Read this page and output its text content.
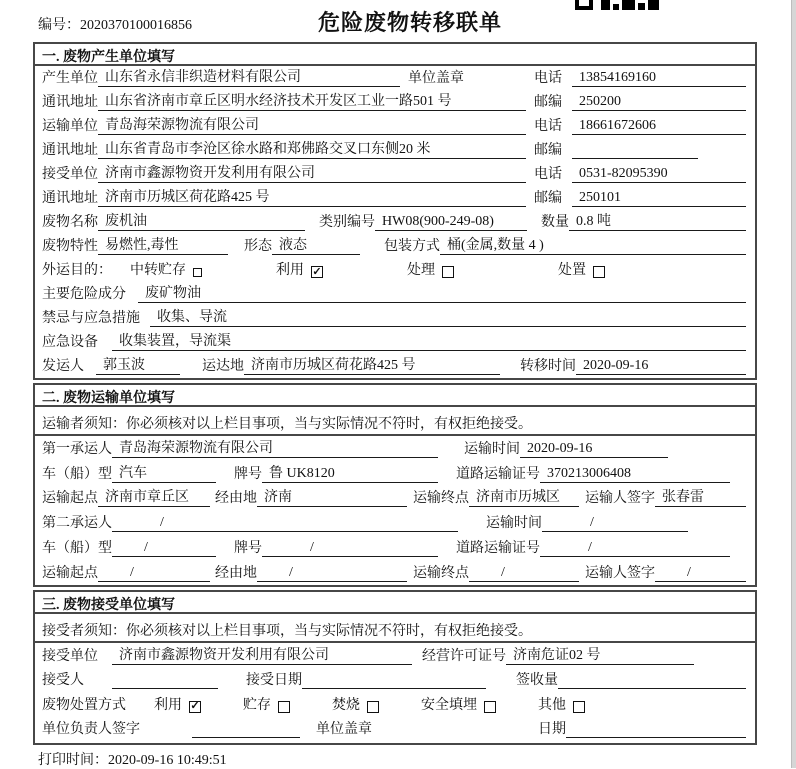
编号：2020370100016856	危险废物转移联单
一. 废物产生单位填写
产生单位 山东省永信非织造材料有限公司	单位盖章	电话	13854169160
通讯地址 山东省济南市章丘区明水经济技术开发区工业一路501 号	邮编	250200
运输单位 青岛海荣源物流有限公司	电话	18661672606
通讯地址 山东省青岛市李沧区徐水路和郑佛路交叉口东侧20 米	邮编
接受单位 济南市鑫源物资开发利用有限公司	电话	0531-82095390
通讯地址 济南市历城区荷花路425 号	邮编	250101
废物名称 废机油	类别编号 HW08(900-249-08)	数量 0.8 吨
废物特性 易燃性,毒性	形态 液态	包装方式 桶(金属,数量 4 )
外运目的： 中转贮存	利用 ✓	处理	处置
主要危险成分	废矿物油
禁忌与应急措施	收集、导流
应急设备	收集装置，导流渠
发运人	郭玉波	运达地 济南市历城区荷花路425 号	转移时间 2020-09-16
二. 废物运输单位填写
运输者须知：你必须核对以上栏目事项，当与实际情况不符时，有权拒绝接受。
第一承运人 青岛海荣源物流有限公司	运输时间 2020-09-16
车（船）型 汽车	牌号 鲁 UK8120	道路运输证号 370213006408
运输起点 济南市章丘区	经由地 济南	运输终点 济南市历城区	运输人签字 张春雷
第二承运人	/	运输时间	/
车（船）型	/	牌号	/	道路运输证号	/
运输起点	/	经由地	/	运输终点	/	运输人签字	/
三. 废物接受单位填写
接受者须知：你必须核对以上栏目事项，当与实际情况不符时，有权拒绝接受。
接受单位	济南市鑫源物资开发利用有限公司	经营许可证号 济南危证02 号
接受人	接受日期	签收量
废物处置方式 利用 ✓	贮存	焚烧	安全填埋	其他
单位负责人签字	单位盖章	日期
打印时间：2020-09-16 10:49:51
